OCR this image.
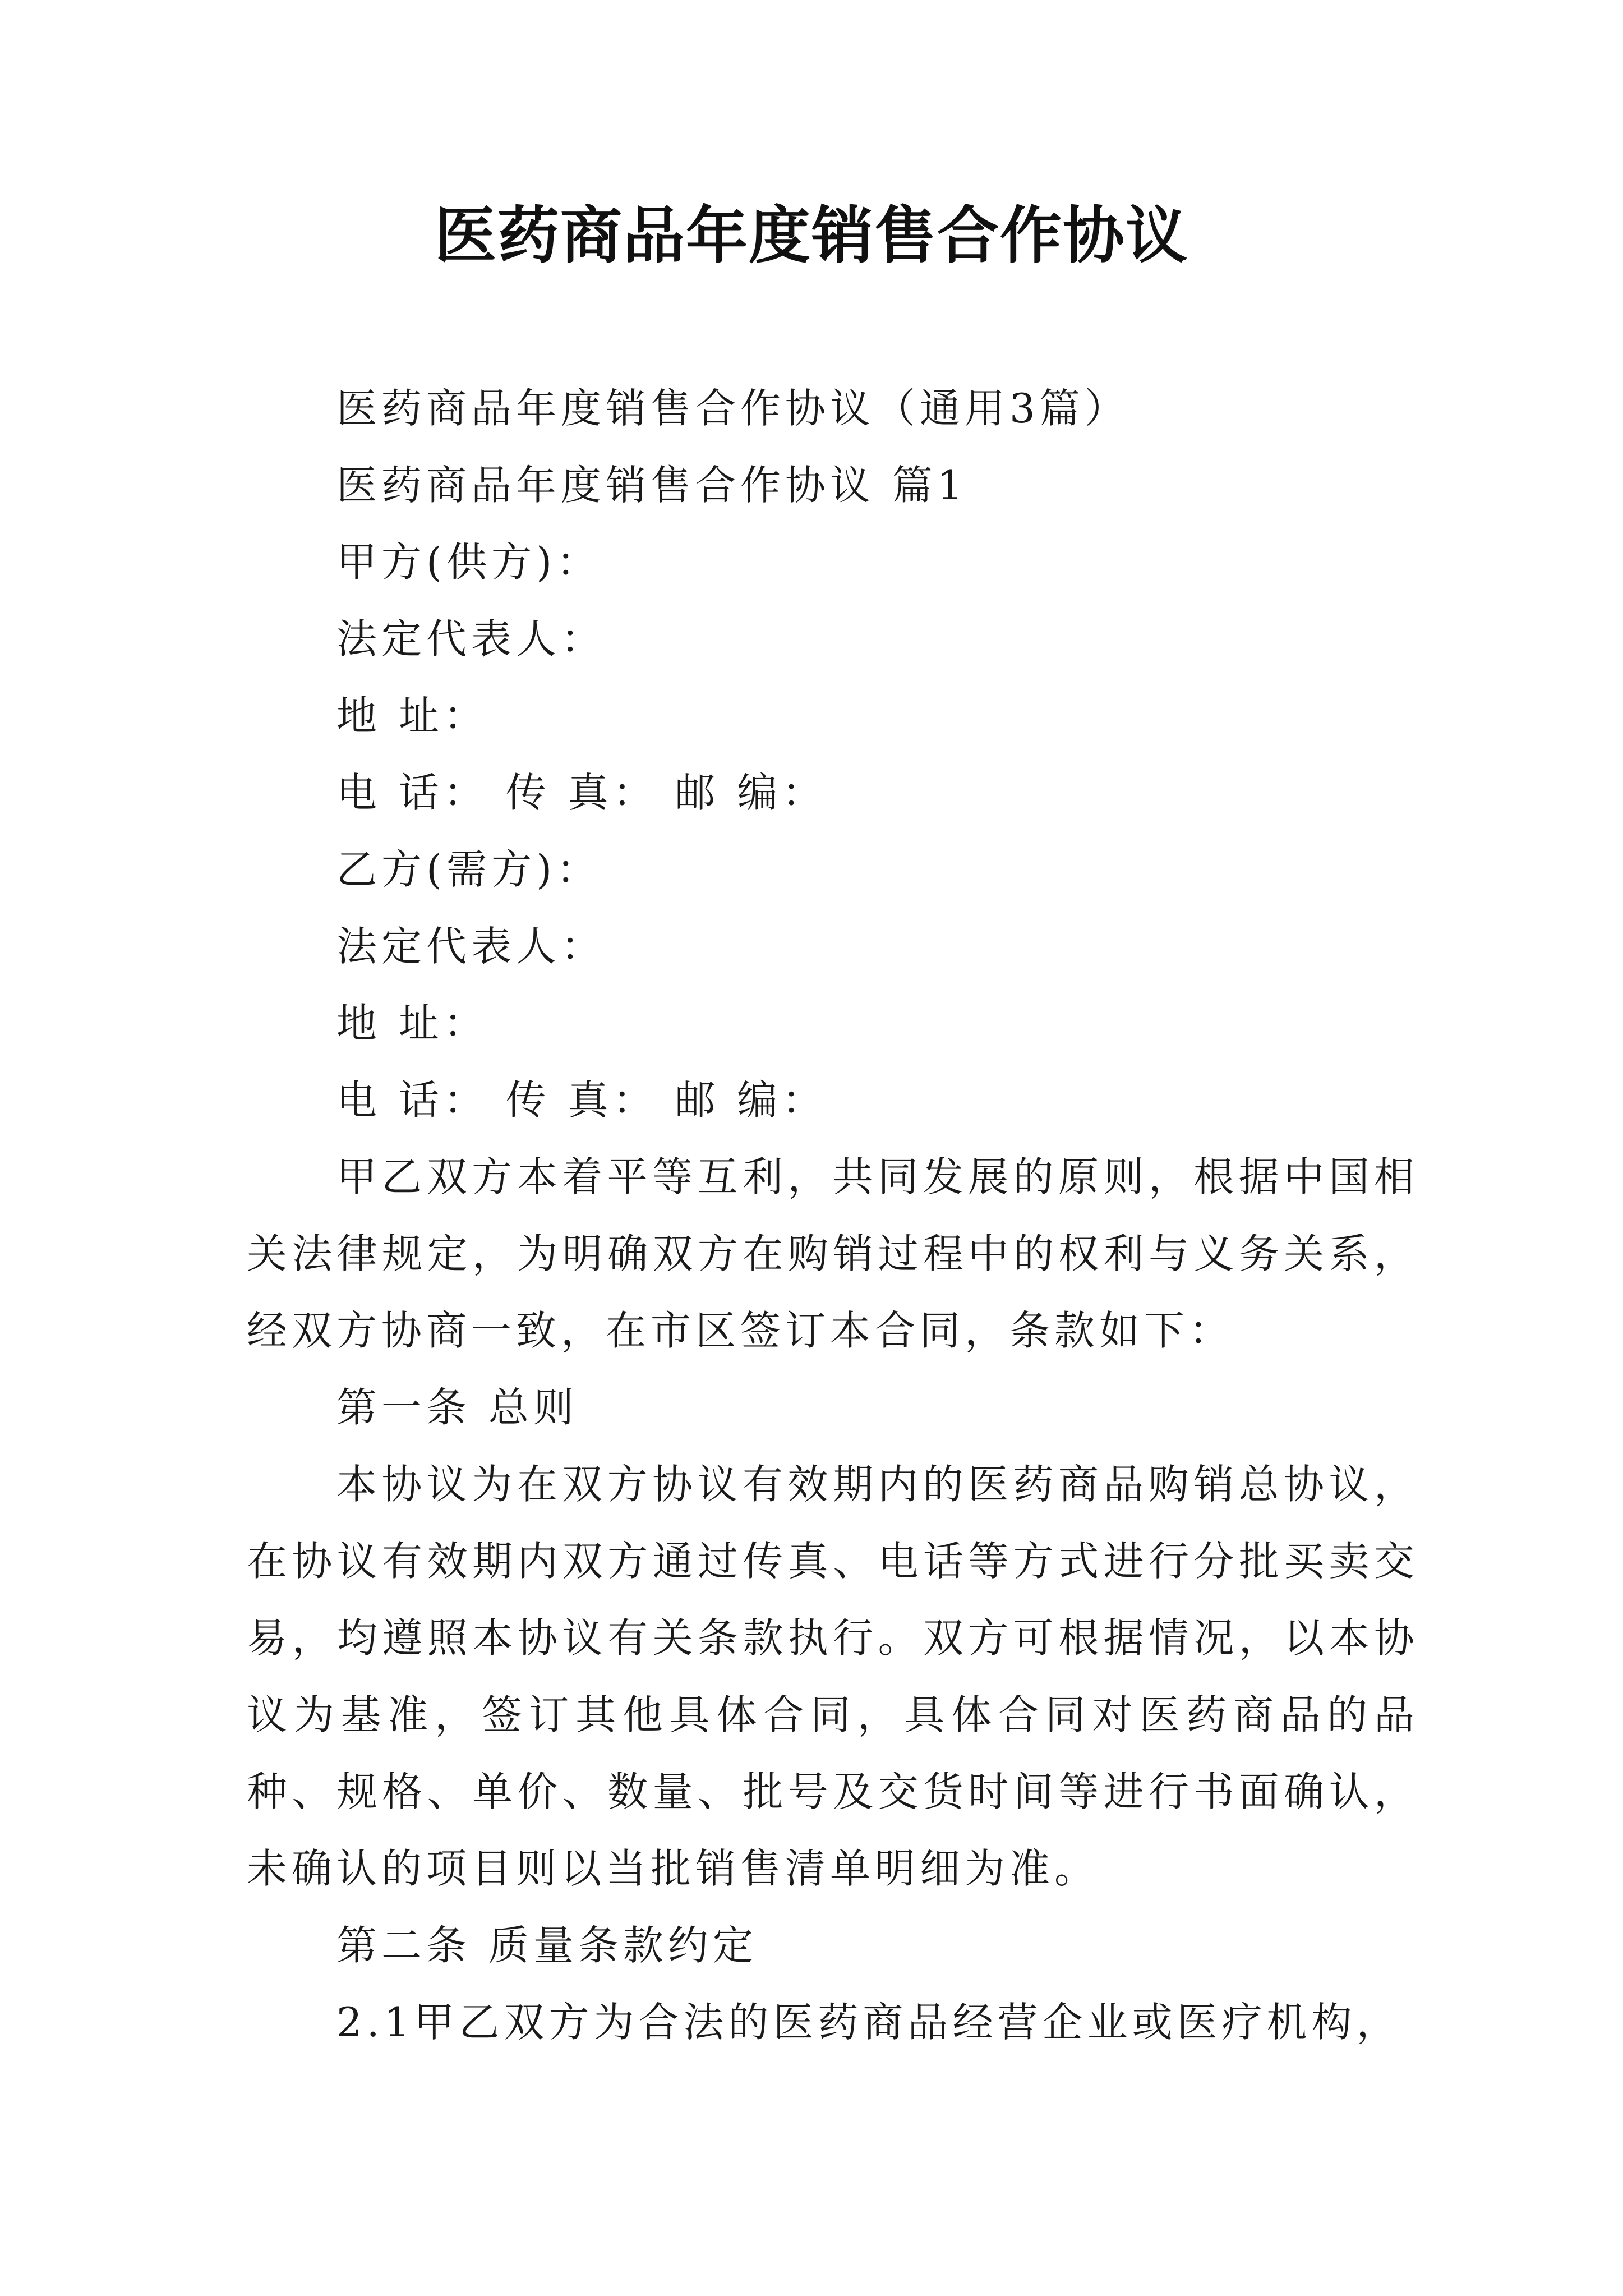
医药商品年度销售合作协议

医药商品年度销售合作协议（通用3篇）

医药商品年度销售合作协议 篇1

甲方(供方)：

法定代表人：

地 址：

电 话： 传 真： 邮 编：

乙方(需方)：

法定代表人：

地 址：

电 话： 传 真： 邮 编：

甲乙双方本着平等互利，共同发展的原则，根据中国相关法律规定，为明确双方在购销过程中的权利与义务关系，经双方协商一致，在市区签订本合同，条款如下：

第一条 总则

本协议为在双方协议有效期内的医药商品购销总协议，在协议有效期内双方通过传真、电话等方式进行分批买卖交易，均遵照本协议有关条款执行。双方可根据情况，以本协议为基准，签订其他具体合同，具体合同对医药商品的品种、规格、单价、数量、批号及交货时间等进行书面确认，未确认的项目则以当批销售清单明细为准。

第二条 质量条款约定

2.1甲乙双方为合法的医药商品经营企业或医疗机构，
